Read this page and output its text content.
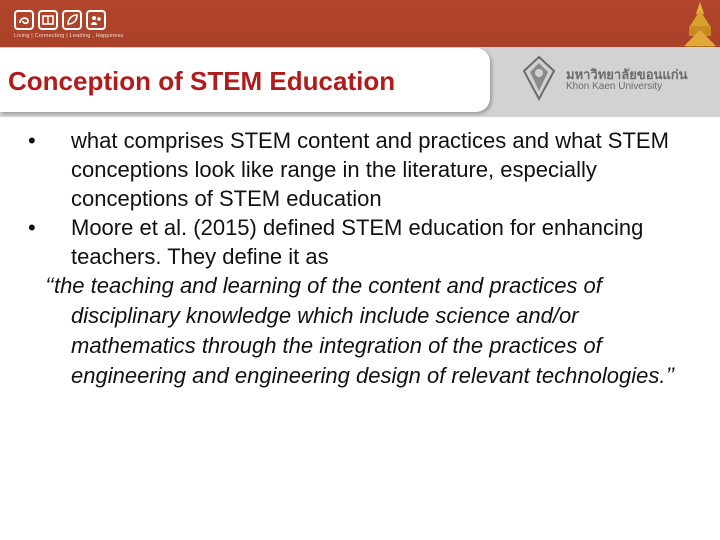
Living | Connecting | Leading , Happiness
Conception of STEM Education	มหาวิทยาลัยขอนแก่น
Khon Kaen University
• what comprises STEM content and practices and what STEM conceptions look like range in the literature, especially conceptions of STEM education
• Moore et al. (2015) defined STEM education for enhancing teachers. They define it as
‘‘the teaching and learning of the content and practices of disciplinary knowledge which include science and/or mathematics through the integration of the practices of engineering and engineering design of relevant technologies.’’
